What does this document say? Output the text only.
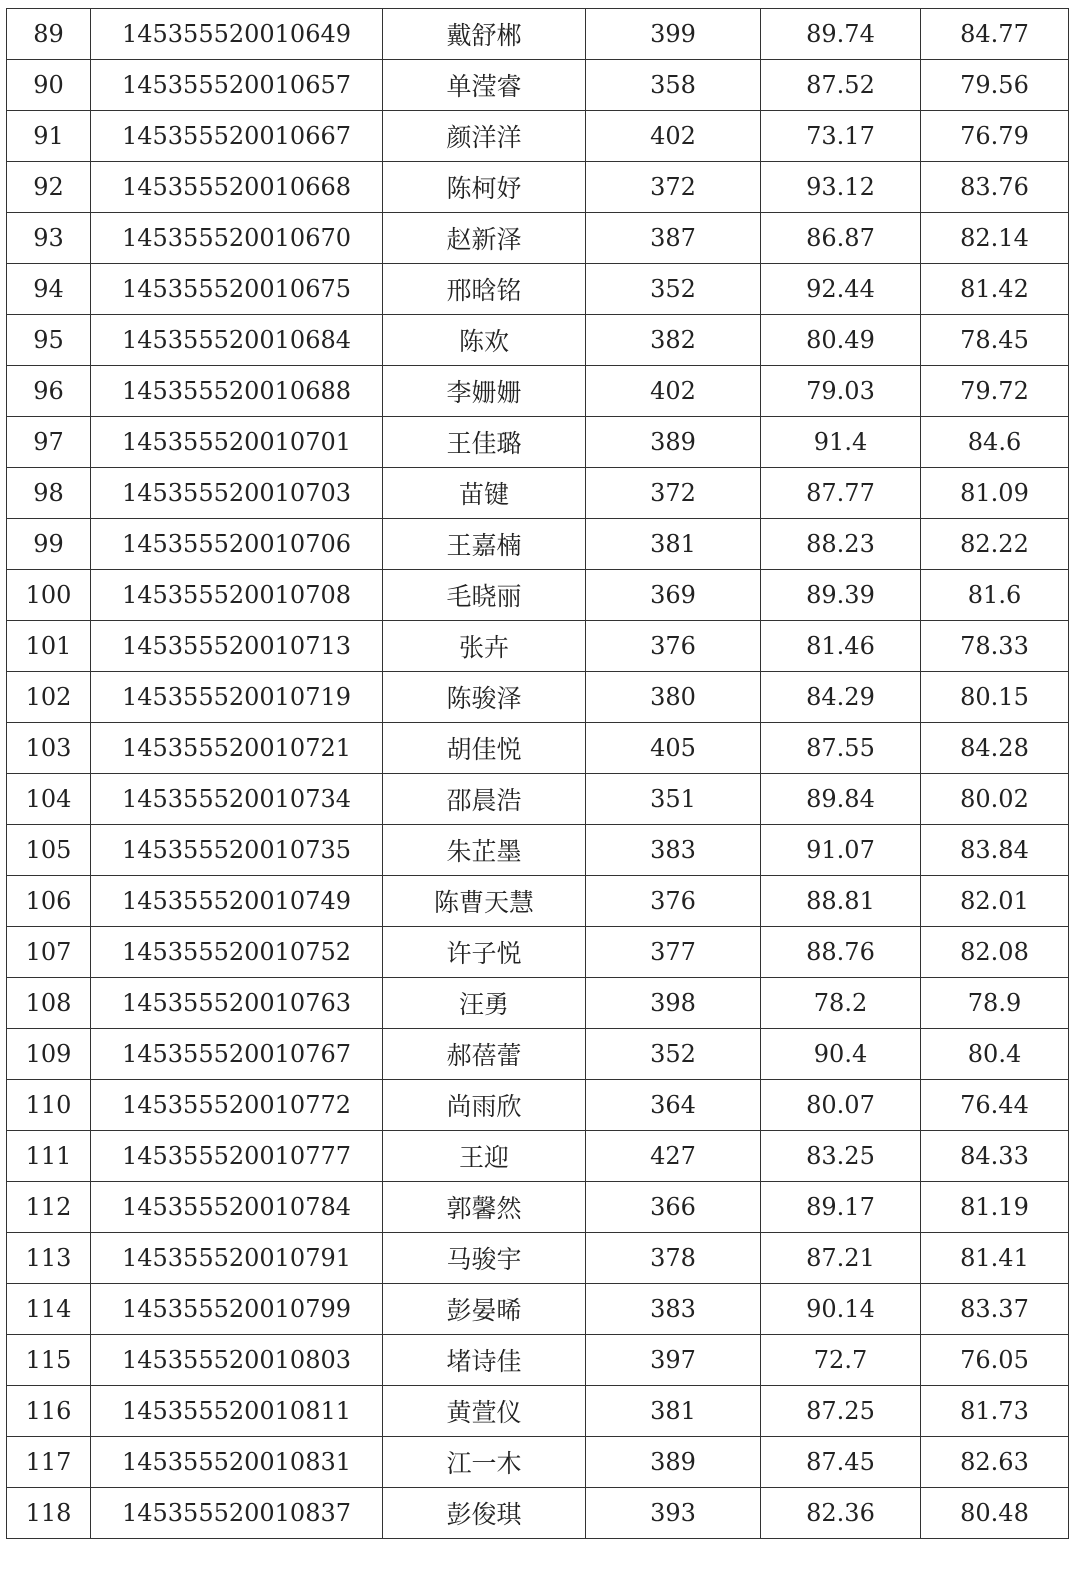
89	145355520010649	戴舒郴	399	89.74	84.77
90	145355520010657	单滢睿	358	87.52	79.56
91	145355520010667	颜洋洋	402	73.17	76.79
92	145355520010668	陈柯妤	372	93.12	83.76
93	145355520010670	赵新泽	387	86.87	82.14
94	145355520010675	邢晗铭	352	92.44	81.42
95	145355520010684	陈欢	382	80.49	78.45
96	145355520010688	李姗姗	402	79.03	79.72
97	145355520010701	王佳璐	389	91.4	84.6
98	145355520010703	苗键	372	87.77	81.09
99	145355520010706	王嘉楠	381	88.23	82.22
100	145355520010708	毛晓丽	369	89.39	81.6
101	145355520010713	张卉	376	81.46	78.33
102	145355520010719	陈骏泽	380	84.29	80.15
103	145355520010721	胡佳悦	405	87.55	84.28
104	145355520010734	邵晨浩	351	89.84	80.02
105	145355520010735	朱芷墨	383	91.07	83.84
106	145355520010749	陈曹天慧	376	88.81	82.01
107	145355520010752	许子悦	377	88.76	82.08
108	145355520010763	汪勇	398	78.2	78.9
109	145355520010767	郝蓓蕾	352	90.4	80.4
110	145355520010772	尚雨欣	364	80.07	76.44
111	145355520010777	王迎	427	83.25	84.33
112	145355520010784	郭馨然	366	89.17	81.19
113	145355520010791	马骏宇	378	87.21	81.41
114	145355520010799	彭晏晞	383	90.14	83.37
115	145355520010803	堵诗佳	397	72.7	76.05
116	145355520010811	黄萱仪	381	87.25	81.73
117	145355520010831	江一木	389	87.45	82.63
118	145355520010837	彭俊琪	393	82.36	80.48
